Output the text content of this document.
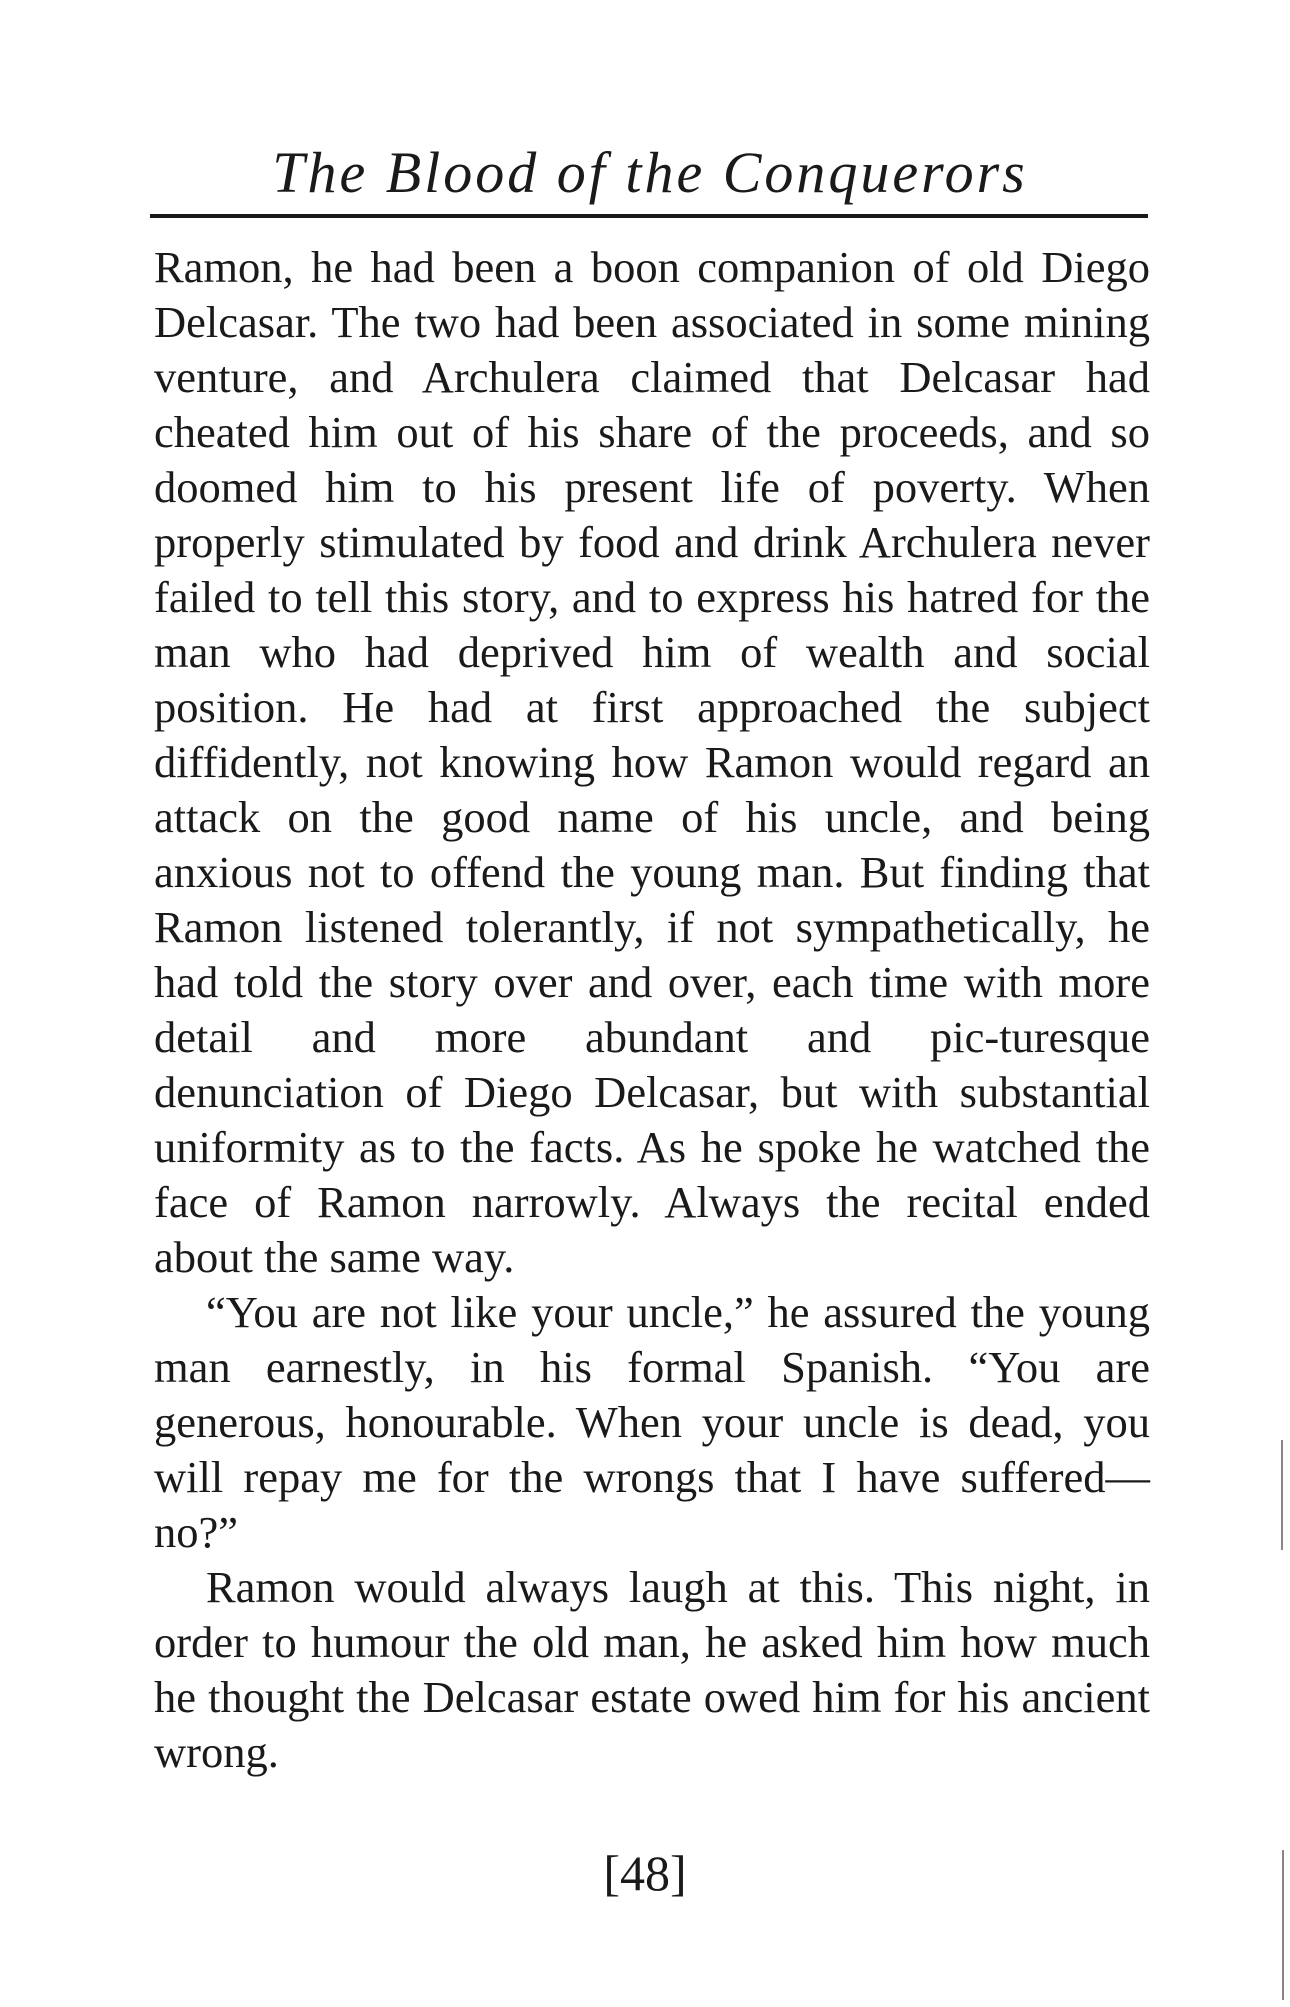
The Blood of the Conquerors

Ramon, he had been a boon companion of old Diego Delcasar. The two had been associated in some mining venture, and Archulera claimed that Delcasar had cheated him out of his share of the proceeds, and so doomed him to his present life of poverty. When properly stimulated by food and drink Archulera never failed to tell this story, and to express his hatred for the man who had deprived him of wealth and social position. He had at first approached the subject diffidently, not knowing how Ramon would regard an attack on the good name of his uncle, and being anxious not to offend the young man. But finding that Ramon listened tolerantly, if not sympathetically, he had told the story over and over, each time with more detail and more abundant and pic-turesque denunciation of Diego Delcasar, but with substantial uniformity as to the facts. As he spoke he watched the face of Ramon narrowly. Always the recital ended about the same way.

“You are not like your uncle,” he assured the young man earnestly, in his formal Spanish. “You are generous, honourable. When your uncle is dead, you will repay me for the wrongs that I have suffered—no?”

Ramon would always laugh at this. This night, in order to humour the old man, he asked him how much he thought the Delcasar estate owed him for his ancient wrong.

[48]
